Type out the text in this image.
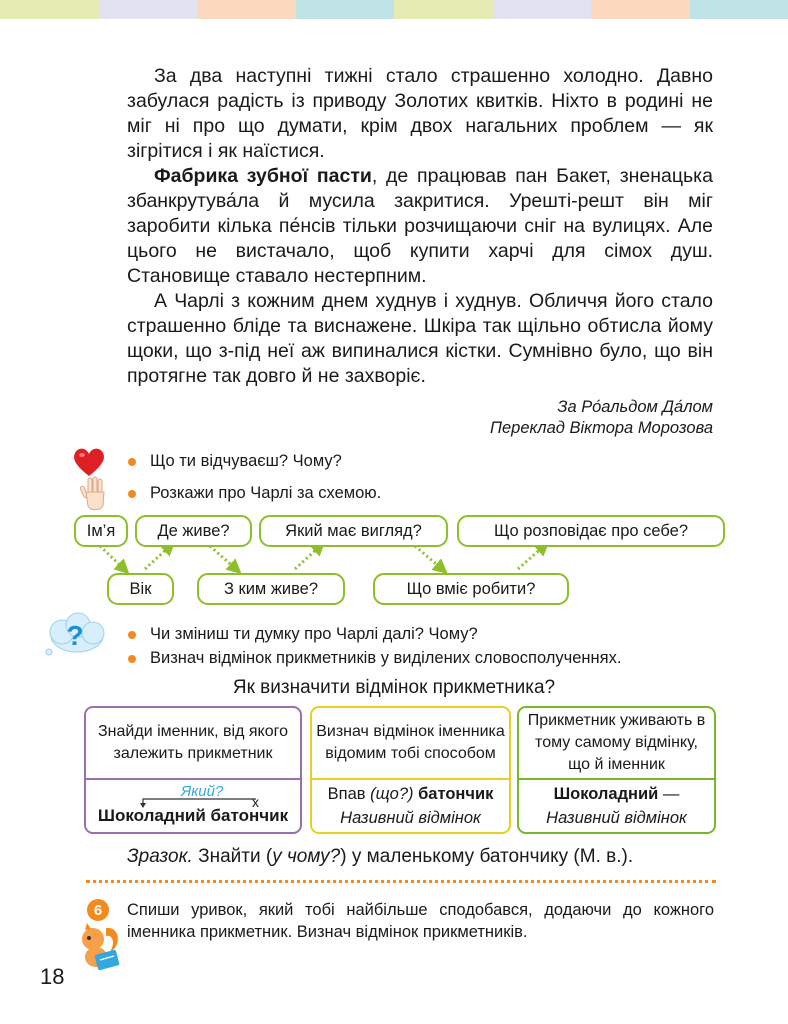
За два наступні тижні стало страшенно холодно. Давно забулася радість із приводу Золотих квитків. Ніхто в родині не міг ні про що думати, крім двох нагальних проблем — як зігрітися і як наїстися.

Фабрика зубної пасти, де працював пан Бакет, зненацька збанкрутува́ла й мусила закритися. Урешті-решт він міг заробити кілька пе́нсів тільки розчищаючи сніг на вулицях. Але цього не вистачало, щоб купити харчі для сімох душ. Становище ставало нестерпним.

А Чарлі з кожним днем худнув і худнув. Обличчя його стало страшенно бліде та виснажене. Шкіра так щільно обтисла йому щоки, що з-під неї аж випиналися кістки. Сумнівно було, що він протягне так довго й не захворіє.

За Ро́альдом Да́лом
Переклад Віктора Морозова
Що ти відчуваєш? Чому?
Розкажи про Чарлі за схемою.
Ім’я	Де живе?	Який має вигляд?	Що розповідає про себе?
Вік	З ким живе?	Що вміє робити?
?	Чи зміниш ти думку про Чарлі далі? Чому?
Визнач відмінок прикметників у виділених словосполученнях.
Як визначити відмінок прикметника?
Знайди іменник, від якого залежить прикметник
Який?
х
Шоколадний батончик
Визнач відмінок іменника відомим тобі способом
Впав (що?) батончик
Називний відмінок
Прикметник уживають в тому самому відмінку, що й іменник
Шоколадний —
Називний відмінок
Зразок. Знайти (у чому?) у маленькому батончику (М. в.).
6	Спиши уривок, який тобі найбільше сподобався, додаючи до кожного іменника прикметник. Визнач відмінок прикметників.
18
